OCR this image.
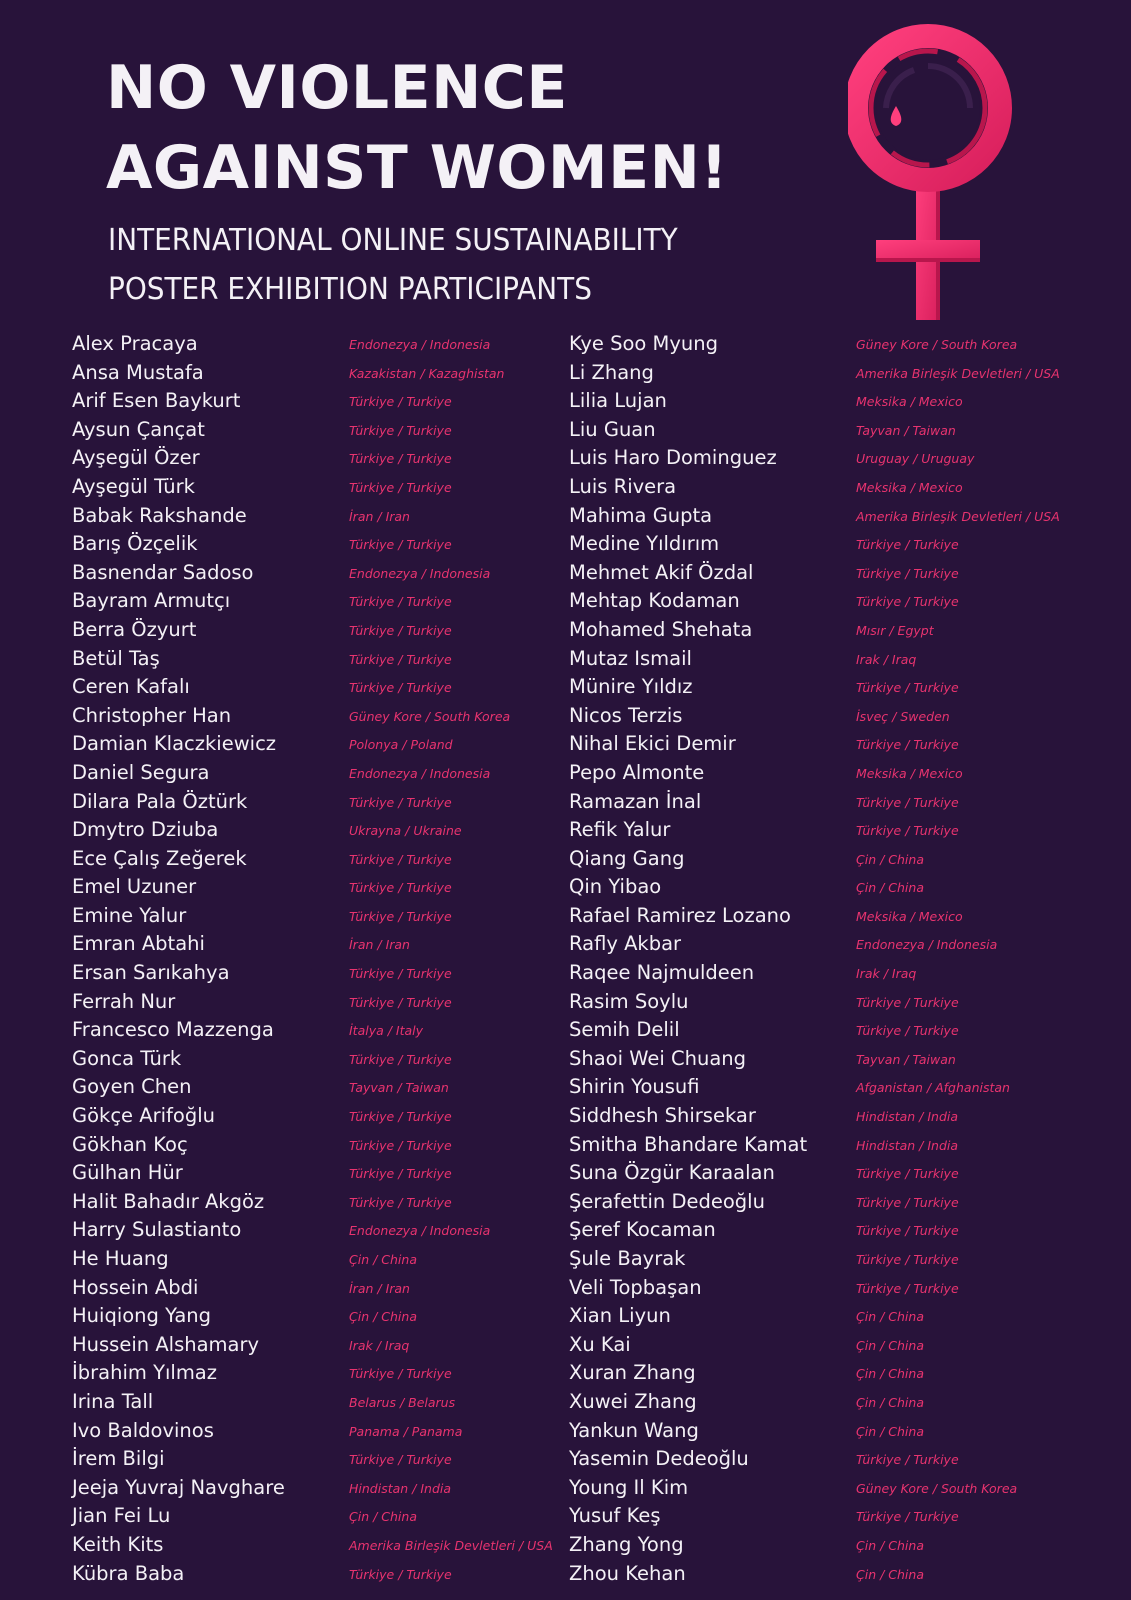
NO VIOLENCE
AGAINST WOMEN!
INTERNATIONAL ONLINE SUSTAINABILITY
POSTER EXHIBITION PARTICIPANTS
Alex Pracaya	Endonezya / Indonesia
Ansa Mustafa	Kazakistan / Kazaghistan
Arif Esen Baykurt	Türkiye / Turkiye
Aysun Çançat	Türkiye / Turkiye
Ayşegül Özer	Türkiye / Turkiye
Ayşegül Türk	Türkiye / Turkiye
Babak Rakshande	İran / Iran
Barış Özçelik	Türkiye / Turkiye
Basnendar Sadoso	Endonezya / Indonesia
Bayram Armutçı	Türkiye / Turkiye
Berra Özyurt	Türkiye / Turkiye
Betül Taş	Türkiye / Turkiye
Ceren Kafalı	Türkiye / Turkiye
Christopher Han	Güney Kore / South Korea
Damian Klaczkiewicz	Polonya / Poland
Daniel Segura	Endonezya / Indonesia
Dilara Pala Öztürk	Türkiye / Turkiye
Dmytro Dziuba	Ukrayna / Ukraine
Ece Çalış Zeğerek	Türkiye / Turkiye
Emel Uzuner	Türkiye / Turkiye
Emine Yalur	Türkiye / Turkiye
Emran Abtahi	İran / Iran
Ersan Sarıkahya	Türkiye / Turkiye
Ferrah Nur	Türkiye / Turkiye
Francesco Mazzenga	İtalya / Italy
Gonca Türk	Türkiye / Turkiye
Goyen Chen	Tayvan / Taiwan
Gökçe Arifoğlu	Türkiye / Turkiye
Gökhan Koç	Türkiye / Turkiye
Gülhan Hür	Türkiye / Turkiye
Halit Bahadır Akgöz	Türkiye / Turkiye
Harry Sulastianto	Endonezya / Indonesia
He Huang	Çin / China
Hossein Abdi	İran / Iran
Huiqiong Yang	Çin / China
Hussein Alshamary	Irak / Iraq
İbrahim Yılmaz	Türkiye / Turkiye
Irina Tall	Belarus / Belarus
Ivo Baldovinos	Panama / Panama
İrem Bilgi	Türkiye / Turkiye
Jeeja Yuvraj Navghare	Hindistan / India
Jian Fei Lu	Çin / China
Keith Kits	Amerika Birleşik Devletleri / USA
Kübra Baba	Türkiye / Turkiye
Kye Soo Myung	Güney Kore / South Korea
Li Zhang	Amerika Birleşik Devletleri / USA
Lilia Lujan	Meksika / Mexico
Liu Guan	Tayvan / Taiwan
Luis Haro Dominguez	Uruguay / Uruguay
Luis Rivera	Meksika / Mexico
Mahima Gupta	Amerika Birleşik Devletleri / USA
Medine Yıldırım	Türkiye / Turkiye
Mehmet Akif Özdal	Türkiye / Turkiye
Mehtap Kodaman	Türkiye / Turkiye
Mohamed Shehata	Mısır / Egypt
Mutaz Ismail	Irak / Iraq
Münire Yıldız	Türkiye / Turkiye
Nicos Terzis	İsveç / Sweden
Nihal Ekici Demir	Türkiye / Turkiye
Pepo Almonte	Meksika / Mexico
Ramazan İnal	Türkiye / Turkiye
Refik Yalur	Türkiye / Turkiye
Qiang Gang	Çin / China
Qin Yibao	Çin / China
Rafael Ramirez Lozano	Meksika / Mexico
Rafly Akbar	Endonezya / Indonesia
Raqee Najmuldeen	Irak / Iraq
Rasim Soylu	Türkiye / Turkiye
Semih Delil	Türkiye / Turkiye
Shaoi Wei Chuang	Tayvan / Taiwan
Shirin Yousufi	Afganistan / Afghanistan
Siddhesh Shirsekar	Hindistan / India
Smitha Bhandare Kamat	Hindistan / India
Suna Özgür Karaalan	Türkiye / Turkiye
Şerafettin Dedeoğlu	Türkiye / Turkiye
Şeref Kocaman	Türkiye / Turkiye
Şule Bayrak	Türkiye / Turkiye
Veli Topbaşan	Türkiye / Turkiye
Xian Liyun	Çin / China
Xu Kai	Çin / China
Xuran Zhang	Çin / China
Xuwei Zhang	Çin / China
Yankun Wang	Çin / China
Yasemin Dedeoğlu	Türkiye / Turkiye
Young Il Kim	Güney Kore / South Korea
Yusuf Keş	Türkiye / Turkiye
Zhang Yong	Çin / China
Zhou Kehan	Çin / China
